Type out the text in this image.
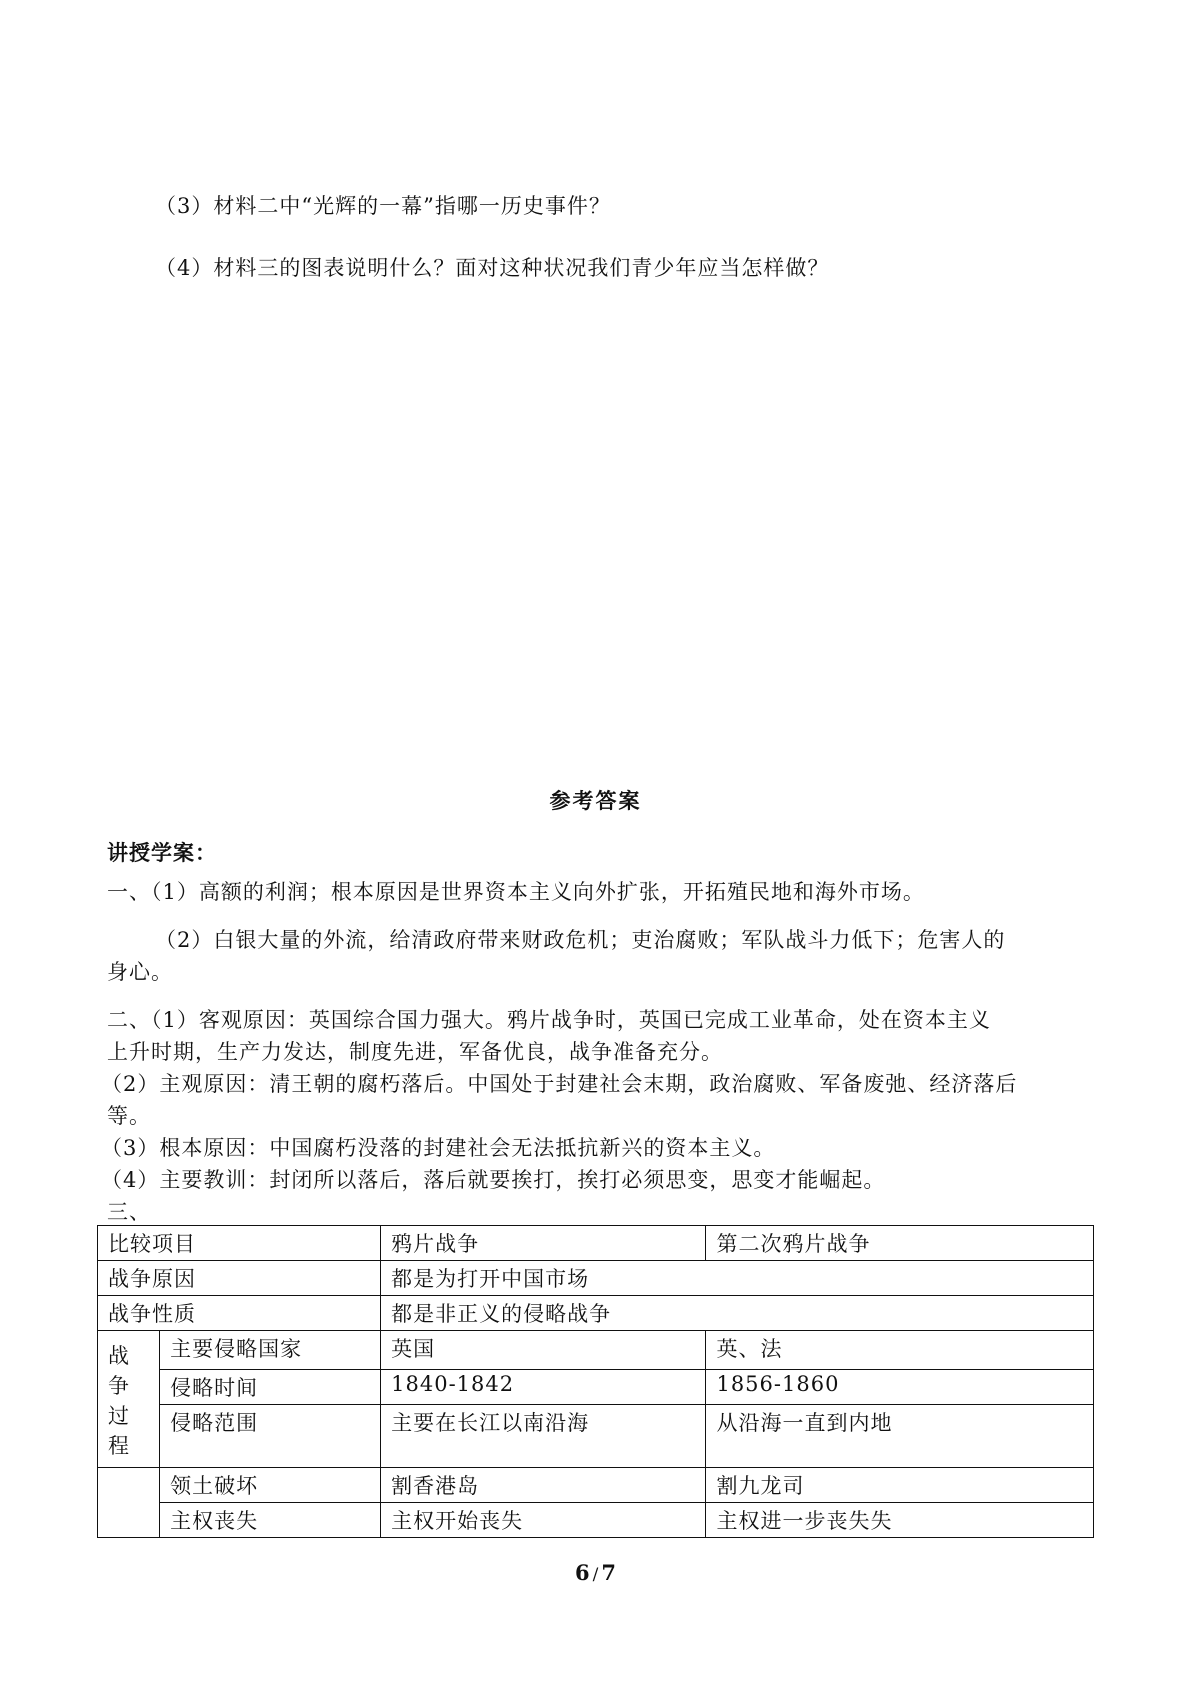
（3）材料二中“光辉的一幕”指哪一历史事件？
（4）材料三的图表说明什么？面对这种状况我们青少年应当怎样做？
参考答案
讲授学案：
一、（1）高额的利润；根本原因是世界资本主义向外扩张，开拓殖民地和海外市场。
（2）白银大量的外流，给清政府带来财政危机；吏治腐败；军队战斗力低下；危害人的
身心。
二、（1）客观原因：英国综合国力强大。鸦片战争时，英国已完成工业革命，处在资本主义
上升时期，生产力发达，制度先进，军备优良，战争准备充分。
（2）主观原因：清王朝的腐朽落后。中国处于封建社会末期，政治腐败、军备废弛、经济落后
等。
（3）根本原因：中国腐朽没落的封建社会无法抵抗新兴的资本主义。
（4）主要教训：封闭所以落后，落后就要挨打，挨打必须思变，思变才能崛起。
三、
比较项目		鸦片战争	第二次鸦片战争
战争原因		都是为打开中国市场	
战争性质		都是非正义的侵略战争	
战争过程	主要侵略国家	英国	英、法
	侵略时间	1840-1842	1856-1860
	侵略范围	主要在长江以南沿海	从沿海一直到内地
	领土破坏	割香港岛	割九龙司
	主权丧失	主权开始丧失	主权进一步丧失失
6 / 7
